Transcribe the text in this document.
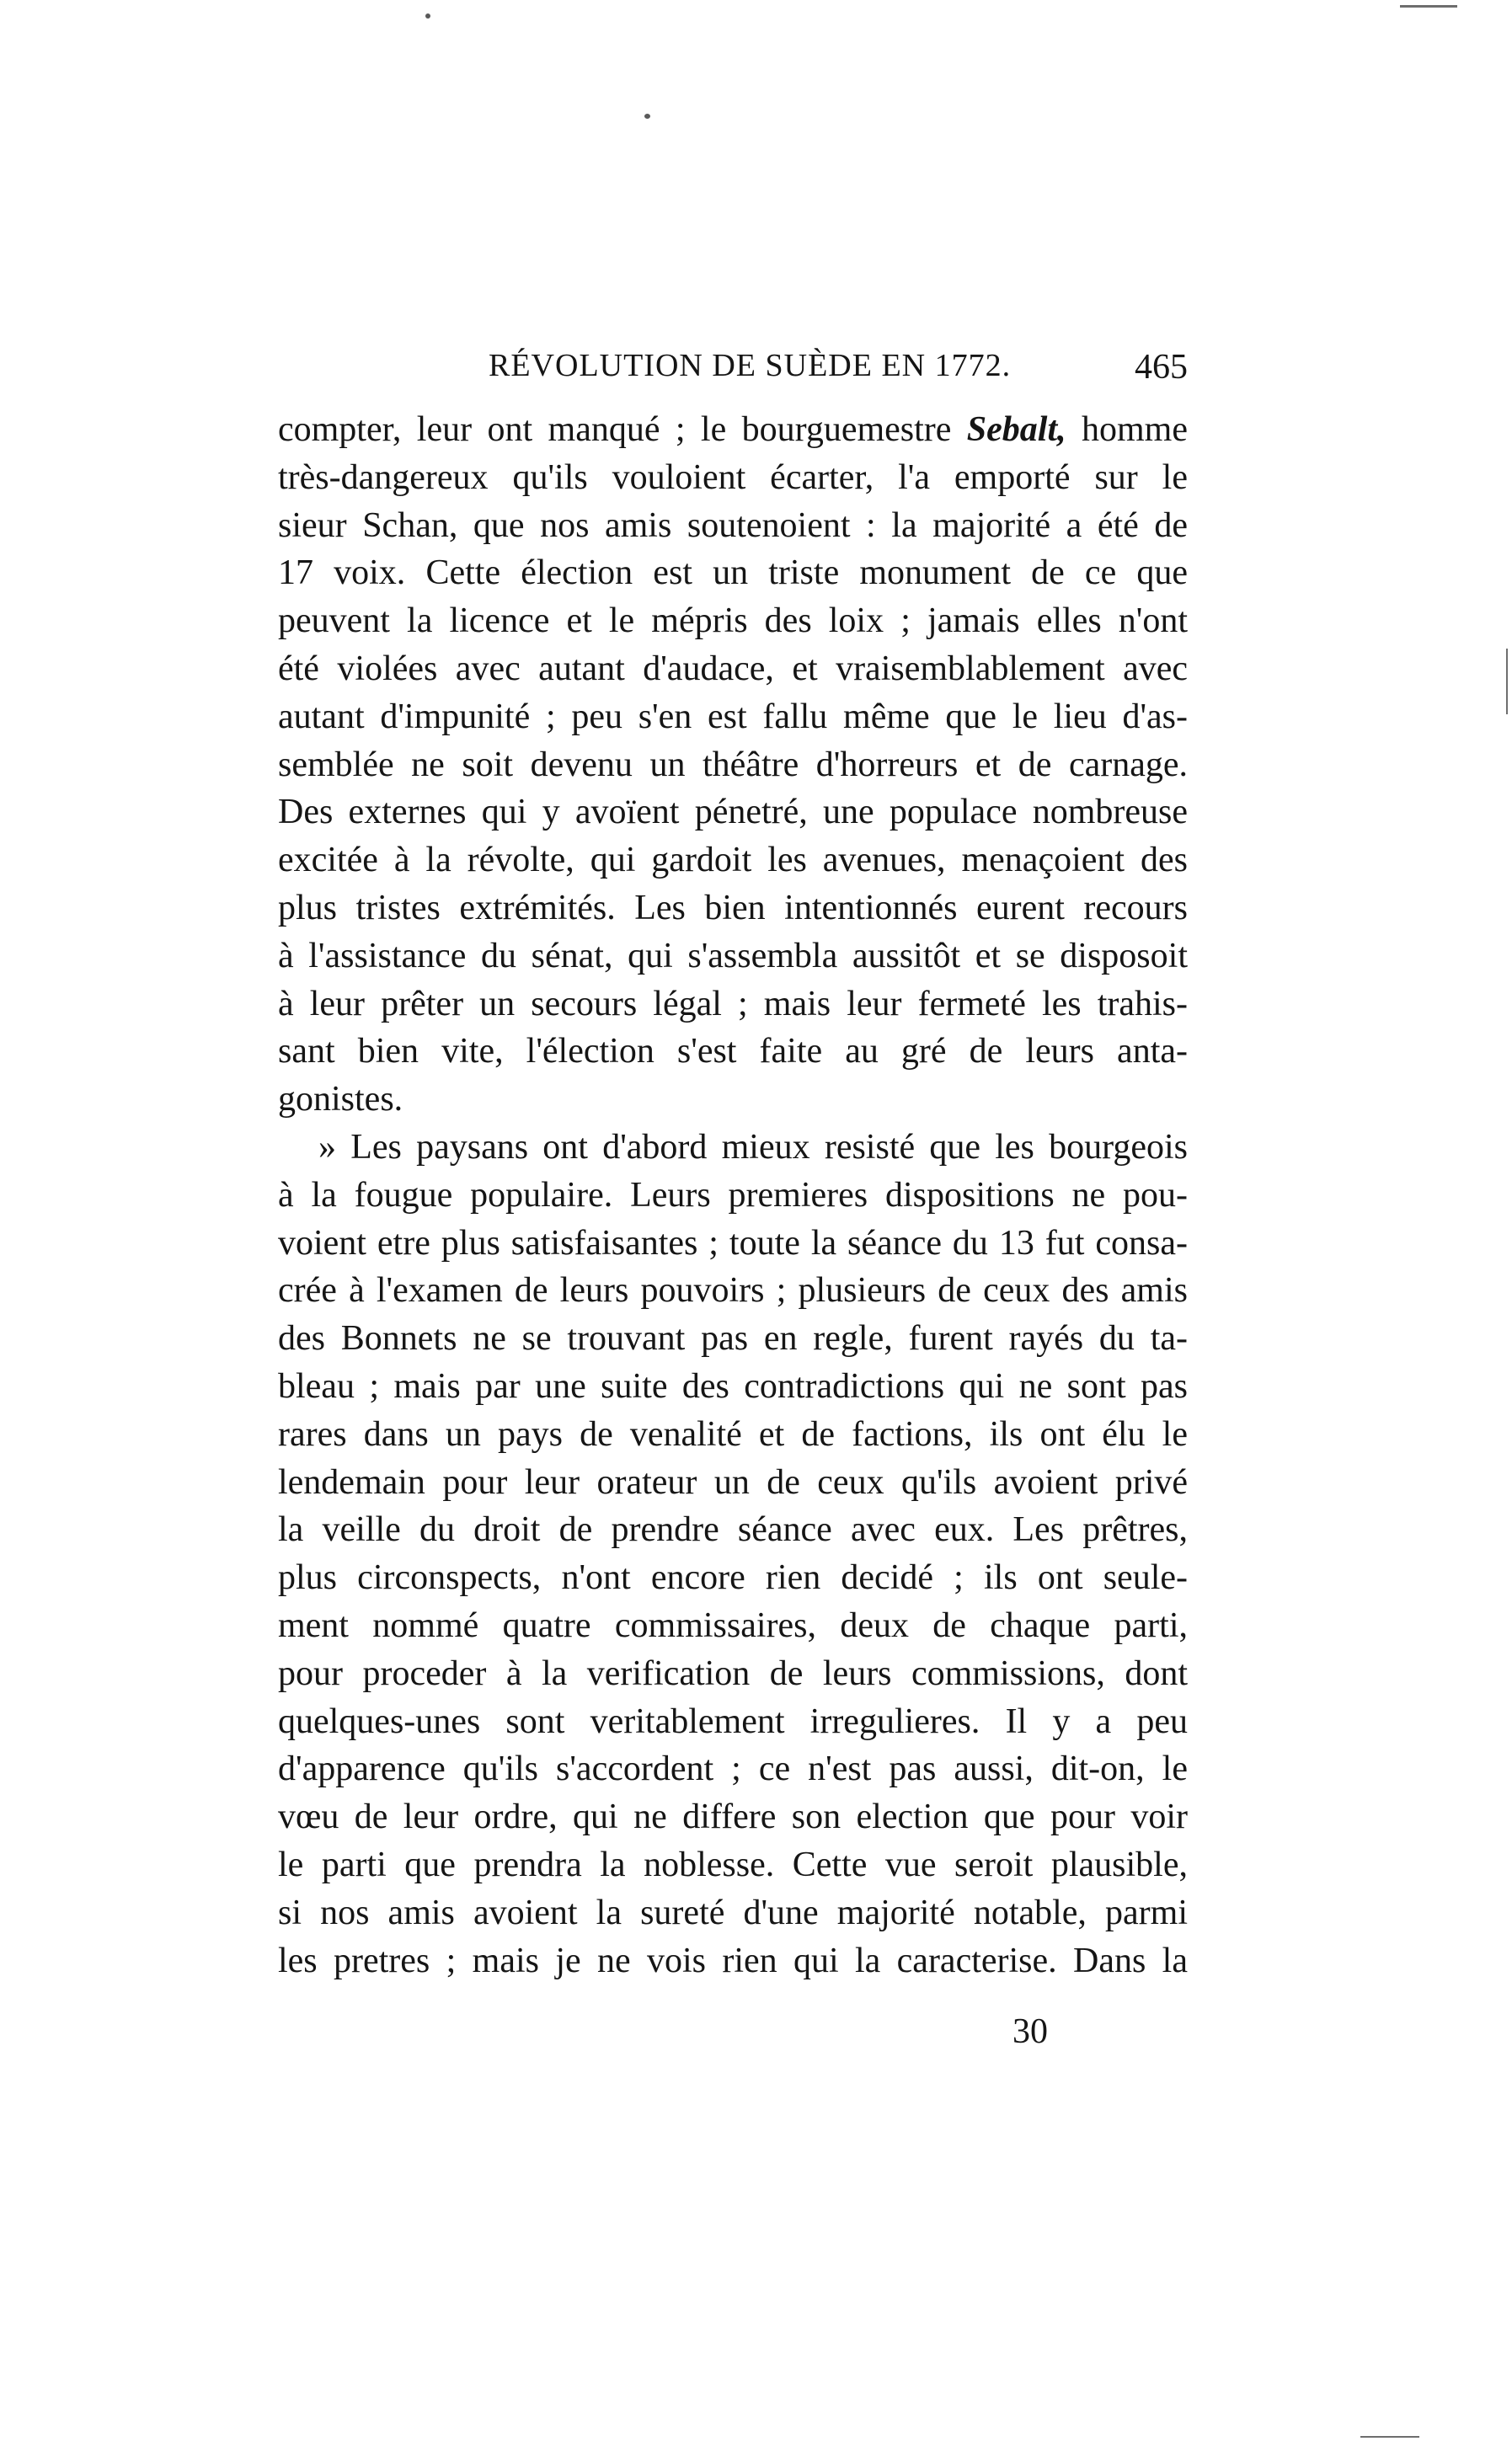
RÉVOLUTION DE SUÈDE EN 1772.	465
compter, leur ont manqué ; le bourguemestre Sebalt, homme
très-dangereux qu'ils vouloient écarter, l'a emporté sur le
sieur Schan, que nos amis soutenoient : la majorité a été de
17 voix. Cette élection est un triste monument de ce que
peuvent la licence et le mépris des loix ; jamais elles n'ont
été violées avec autant d'audace, et vraisemblablement avec
autant d'impunité ; peu s'en est fallu même que le lieu d'as-
semblée ne soit devenu un théâtre d'horreurs et de carnage.
Des externes qui y avoïent pénetré, une populace nombreuse
excitée à la révolte, qui gardoit les avenues, menaçoient des
plus tristes extrémités. Les bien intentionnés eurent recours
à l'assistance du sénat, qui s'assembla aussitôt et se disposoit
à leur prêter un secours légal ; mais leur fermeté les trahis-
sant bien vite, l'élection s'est faite au gré de leurs anta-
gonistes.
» Les paysans ont d'abord mieux resisté que les bourgeois
à la fougue populaire. Leurs premieres dispositions ne pou-
voient etre plus satisfaisantes ; toute la séance du 13 fut consa-
crée à l'examen de leurs pouvoirs ; plusieurs de ceux des amis
des Bonnets ne se trouvant pas en regle, furent rayés du ta-
bleau ; mais par une suite des contradictions qui ne sont pas
rares dans un pays de venalité et de factions, ils ont élu le
lendemain pour leur orateur un de ceux qu'ils avoient privé
la veille du droit de prendre séance avec eux. Les prêtres,
plus circonspects, n'ont encore rien decidé ; ils ont seule-
ment nommé quatre commissaires, deux de chaque parti,
pour proceder à la verification de leurs commissions, dont
quelques-unes sont veritablement irregulieres. Il y a peu
d'apparence qu'ils s'accordent ; ce n'est pas aussi, dit-on, le
vœu de leur ordre, qui ne differe son election que pour voir
le parti que prendra la noblesse. Cette vue seroit plausible,
si nos amis avoient la sureté d'une majorité notable, parmi
les pretres ; mais je ne vois rien qui la caracterise. Dans la
30
